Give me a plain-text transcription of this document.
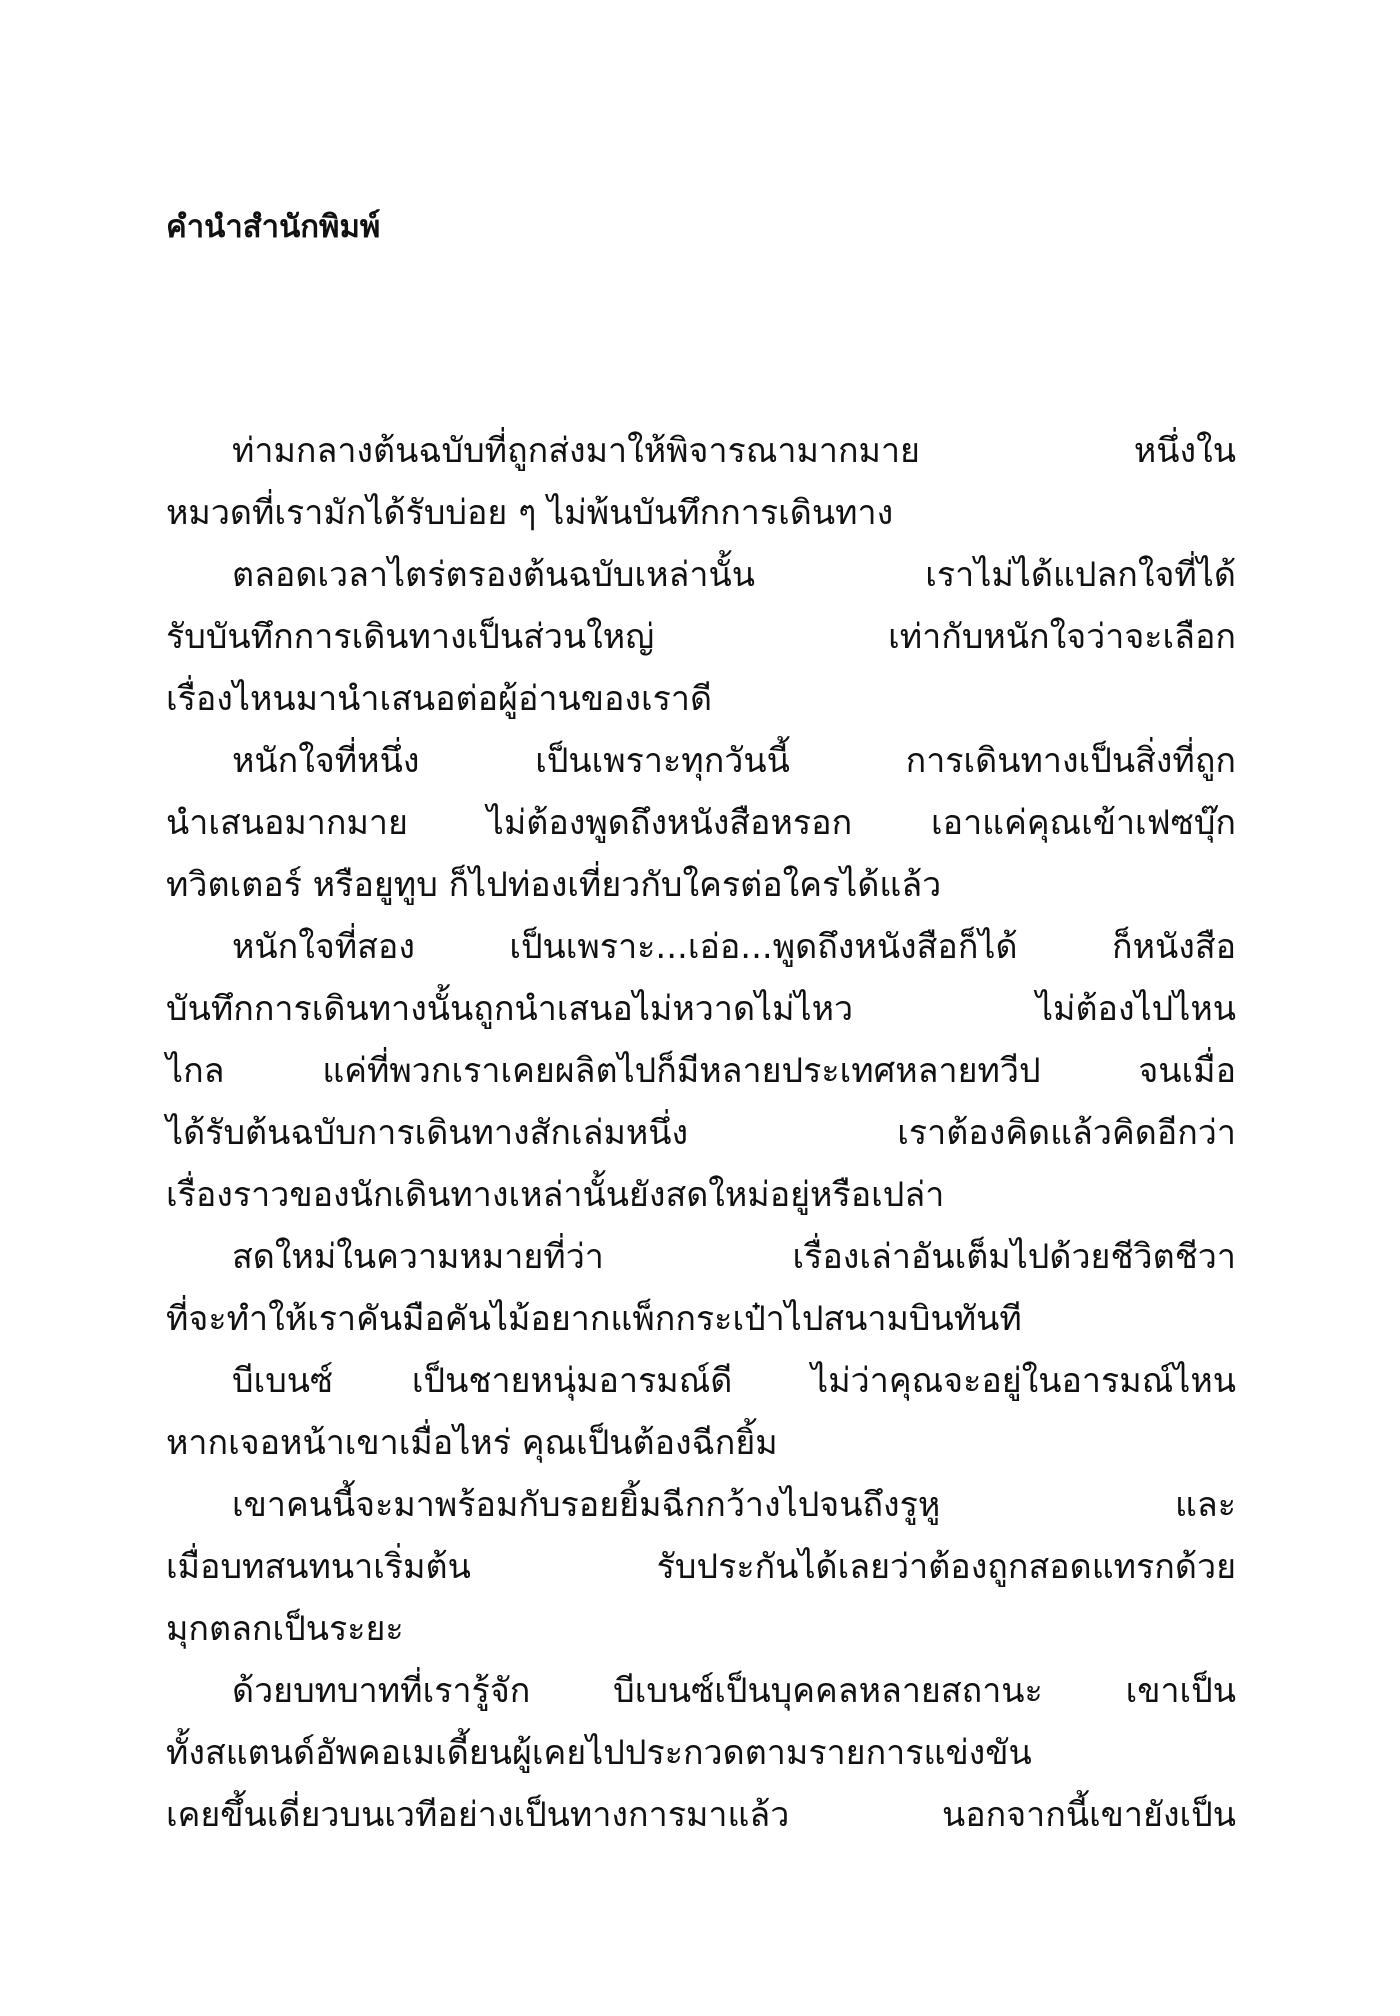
คำนำสำนักพิมพ์
ท่ามกลางต้นฉบับที่ถูกส่งมาให้พิจารณามากมาย หนึ่งใน
หมวดที่เรามักได้รับบ่อย ๆ ไม่พ้นบันทึกการเดินทาง
ตลอดเวลาไตร่ตรองต้นฉบับเหล่านั้น เราไม่ได้แปลกใจที่ได้
รับบันทึกการเดินทางเป็นส่วนใหญ่ เท่ากับหนักใจว่าจะเลือก
เรื่องไหนมานำเสนอต่อผู้อ่านของเราดี
หนักใจที่หนึ่ง เป็นเพราะทุกวันนี้ การเดินทางเป็นสิ่งที่ถูก
นำเสนอมากมาย ไม่ต้องพูดถึงหนังสือหรอก เอาแค่คุณเข้าเฟซบุ๊ก
ทวิตเตอร์ หรือยูทูบ ก็ไปท่องเที่ยวกับใครต่อใครได้แล้ว
หนักใจที่สอง เป็นเพราะ...เอ่อ...พูดถึงหนังสือก็ได้ ก็หนังสือ
บันทึกการเดินทางนั้นถูกนำเสนอไม่หวาดไม่ไหว ไม่ต้องไปไหน
ไกล แค่ที่พวกเราเคยผลิตไปก็มีหลายประเทศหลายทวีป จนเมื่อ
ได้รับต้นฉบับการเดินทางสักเล่มหนึ่ง เราต้องคิดแล้วคิดอีกว่า
เรื่องราวของนักเดินทางเหล่านั้นยังสดใหม่อยู่หรือเปล่า
สดใหม่ในความหมายที่ว่า เรื่องเล่าอันเต็มไปด้วยชีวิตชีวา
ที่จะทำให้เราคันมือคันไม้อยากแพ็กกระเป๋าไปสนามบินทันที
บีเบนซ์ เป็นชายหนุ่มอารมณ์ดี ไม่ว่าคุณจะอยู่ในอารมณ์ไหน
หากเจอหน้าเขาเมื่อไหร่ คุณเป็นต้องฉีกยิ้ม
เขาคนนี้จะมาพร้อมกับรอยยิ้มฉีกกว้างไปจนถึงรูหู และ
เมื่อบทสนทนาเริ่มต้น รับประกันได้เลยว่าต้องถูกสอดแทรกด้วย
มุกตลกเป็นระยะ
ด้วยบทบาทที่เรารู้จัก บีเบนซ์เป็นบุคคลหลายสถานะ เขาเป็น
ทั้งสแตนด์อัพคอเมเดี้ยนผู้เคยไปประกวดตามรายการแข่งขัน
เคยขึ้นเดี่ยวบนเวทีอย่างเป็นทางการมาแล้ว นอกจากนี้เขายังเป็น
